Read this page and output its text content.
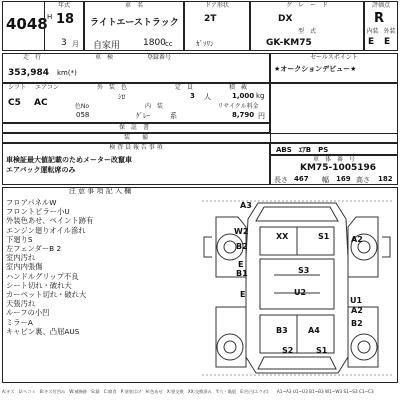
4048
年式
H 18
3 月
車　名
ライトエーストラック
自家用
ドア形状
2T
1800 cc	ｶﾞｿﾘﾝ
グ　レ　ー　ド
DX
型　式
GK-KM75
評価点
R
内装 外装
E E
走　行	車　検	登録番号
353,984 km(*)
セールスポイント
★オークションデビュー★
シフト	エアコン
C5 AC
外　装　色
ｼﾛ
定　員
3 人
積　載
1,000 kg
色No	内　装	リサイクル料金
058	ｸﾞﾚｰ	系	8,790 円
保　証　書
装　　備
ABS　ｴｱB　PS
検 査 員 報 告 事 項
車検証最大値記載のためメーター改竄車
エアバック運転席のみ
車　体　番　号
KM75-1005196
長さ 467 幅 169 高さ 182
注 意 事 項 記 入 欄
フロアパネルW
フロントピラー小U
外装色あせ、ペイント跡有
エンジン廻りオイル滲れ
下廻りS
左フェンダーB 2
室内汚れ
室内内張傷
ハンドルグリップ不良
シート切れ・破れ大
カーペット切れ・破れ大
天張汚れ
ルーフの小凹
ミラーA
キャビン裏、凸屈AUS
A3
W2
XX	S1	A2
B2
S3
E
B1
U2
E
U1
A2
B2
B3	A4
S2	S1
A:キズ　U:ヘコミ　B:キズ付凹み　W:補修跡　S:錆　C:腐食　P:塗装はげ　H:色あせ　X:要交換　XX:交換済み　Y:穴・亀裂　E:凹凸(エクボ)　　A1~A3 U1~U3 B1~B3 W1~W3 S1~S3 C1~C3
